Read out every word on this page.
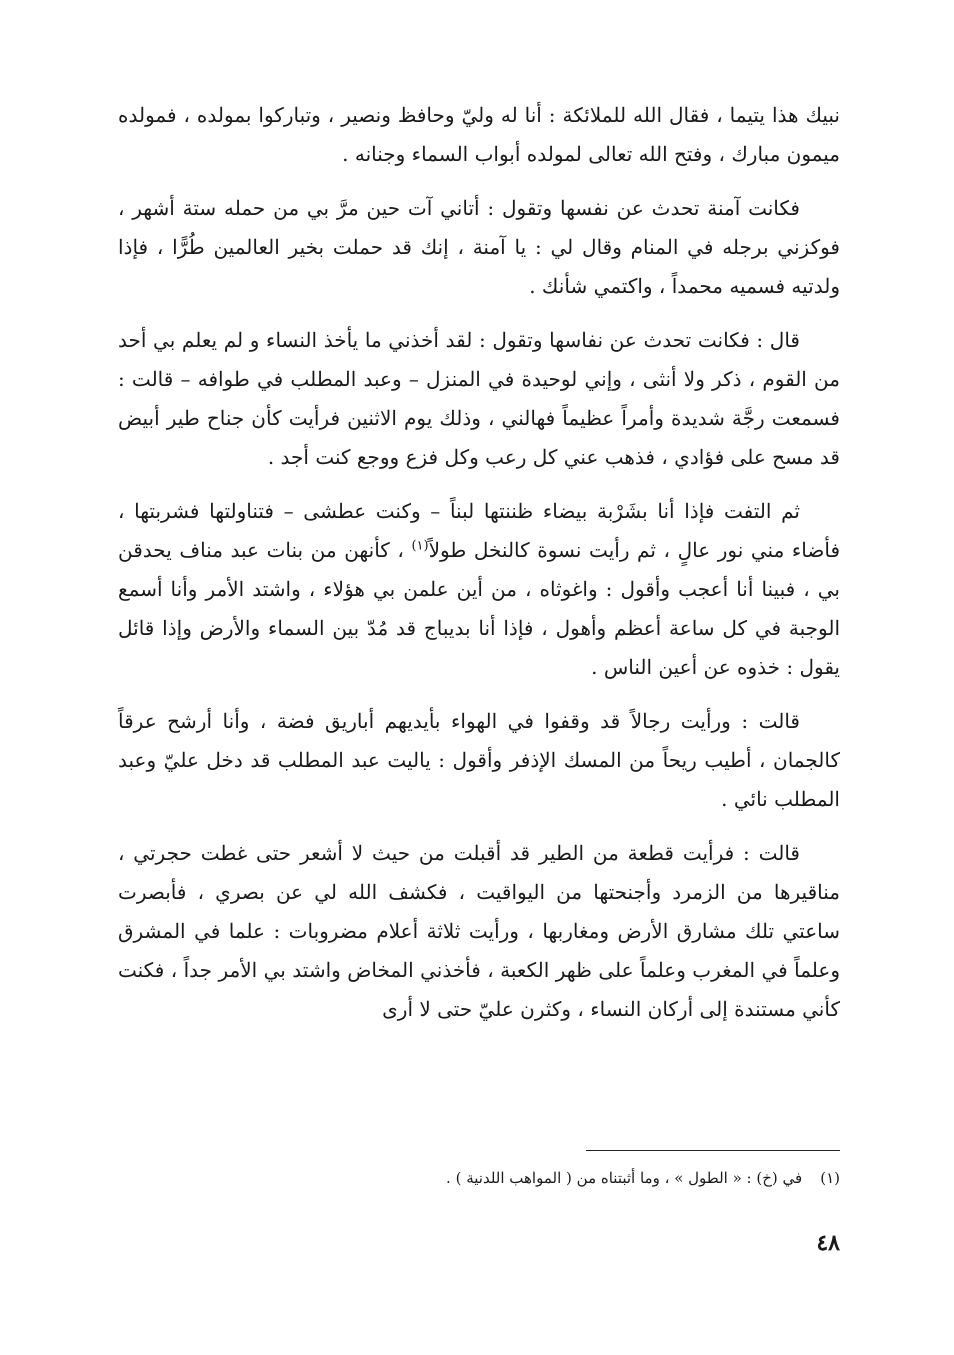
نبيك هذا يتيما ، فقال الله للملائكة : أنا له وليّ وحافظ ونصير ، وتباركوا بمولده ، فمولده ميمون مبارك ، وفتح الله تعالى لمولده أبواب السماء وجنانه .

فكانت آمنة تحدث عن نفسها وتقول : أتاني آت حين مرَّ بي من حمله ستة أشهر ، فوكزني برجله في المنام وقال لي : يا آمنة ، إنك قد حملت بخير العالمين طُرًّا ، فإذا ولدتيه فسميه محمداً ، واكتمي شأنك .

قال : فكانت تحدث عن نفاسها وتقول : لقد أخذني ما يأخذ النساء و لم يعلم بي أحد من القوم ، ذكر ولا أنثى ، وإني لوحيدة في المنزل – وعبد المطلب في طوافه – قالت : فسمعت رجَّة شديدة وأمراً عظيماً فهالني ، وذلك يوم الاثنين فرأيت كأن جناح طير أبيض قد مسح على فؤادي ، فذهب عني كل رعب وكل فزع ووجع كنت أجد .

ثم التفت فإذا أنا بشَرْبة بيضاء ظننتها لبناً – وكنت عطشى – فتناولتها فشربتها ، فأضاء مني نور عالٍ ، ثم رأيت نسوة كالنخل طولاً$^{(١)}$ ، كأنهن من بنات عبد مناف يحدقن بي ، فبينا أنا أعجب وأقول : واغوثاه ، من أين علمن بي هؤلاء ، واشتد الأمر وأنا أسمع الوجبة في كل ساعة أعظم وأهول ، فإذا أنا بديباج قد مُدّ بين السماء والأرض وإذا قائل يقول : خذوه عن أعين الناس .

قالت : ورأيت رجالاً قد وقفوا في الهواء بأيديهم أباريق فضة ، وأنا أرشح عرقاً كالجمان ، أطيب ريحاً من المسك الإذفر وأقول : ياليت عبد المطلب قد دخل عليّ وعبد المطلب نائي .

قالت : فرأيت قطعة من الطير قد أقبلت من حيث لا أشعر حتى غطت حجرتي ، مناقيرها من الزمرد وأجنحتها من اليواقيت ، فكشف الله لي عن بصري ، فأبصرت ساعتي تلك مشارق الأرض ومغاربها ، ورأيت ثلاثة أعلام مضروبات : علما في المشرق وعلماً في المغرب وعلماً على ظهر الكعبة ، فأخذني المخاض واشتد بي الأمر جداً ، فكنت كأني مستندة إلى أركان النساء ، وكثرن عليّ حتى لا أرى

(١)في (خ) : « الطول » ، وما أثبتناه من ( المواهب اللدنية ) .
٤٨
